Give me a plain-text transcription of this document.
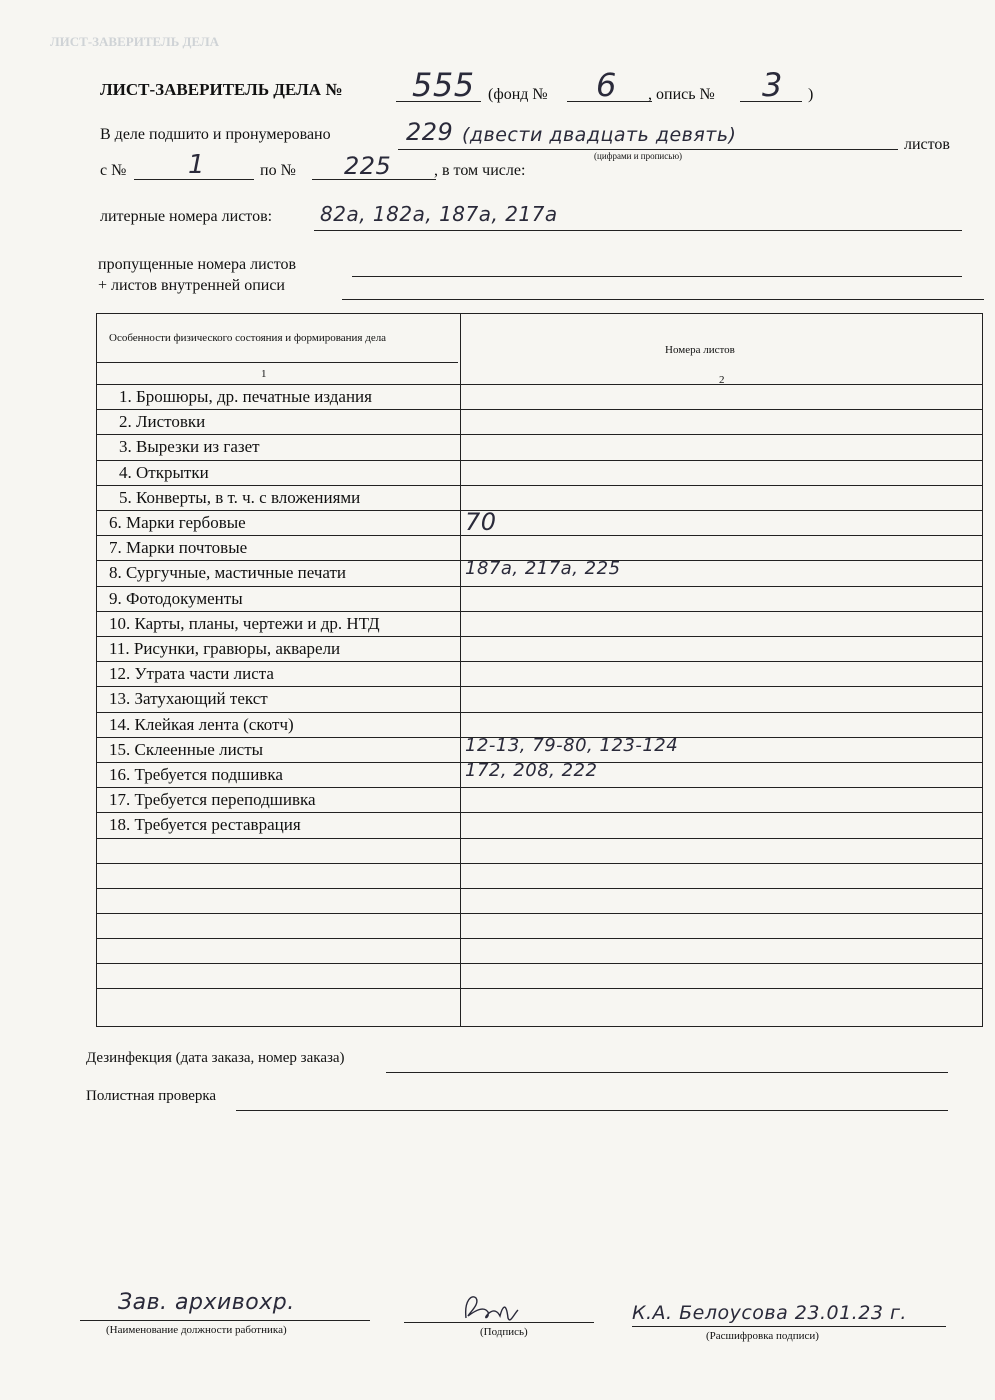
ЛИСТ-ЗАВЕРИТЕЛЬ ДЕЛА
ЛИСТ-ЗАВЕРИТЕЛЬ ДЕЛА № 555 (фонд № 6 , опись № 3 )
В деле подшито и пронумеровано	229 (двести двадцать девять)
(цифрами и прописью)
листов
с № 1	по № 225	, в том числе:
литерные номера листов: 82а, 182а, 187а, 217а
пропущенные номера листов
+ листов внутренней описи
Особенности физического состояния и формирования дела
Номера листов
1	2
1. Брошюры, др. печатные издания
2. Листовки
3. Вырезки из газет
4. Открытки
5. Конверты, в т. ч. с вложениями
6. Марки гербовые	70
7. Марки почтовые
8. Сургучные, мастичные печати	187а, 217а, 225
9. Фотодокументы
10. Карты, планы, чертежи и др. НТД
11. Рисунки, гравюры, акварели
12. Утрата части листа
13. Затухающий текст
14. Клейкая лента (скотч)
15. Склеенные листы	12-13, 79-80, 123-124
16. Требуется подшивка	172, 208, 222
17. Требуется переподшивка
18. Требуется реставрация
Дезинфекция (дата заказа, номер заказа)
Полистная проверка
Зав. архивохр.
(Наименование должности работника)	(Подпись)
К.А. Белоусова 23.01.23 г.
(Расшифровка подписи)
